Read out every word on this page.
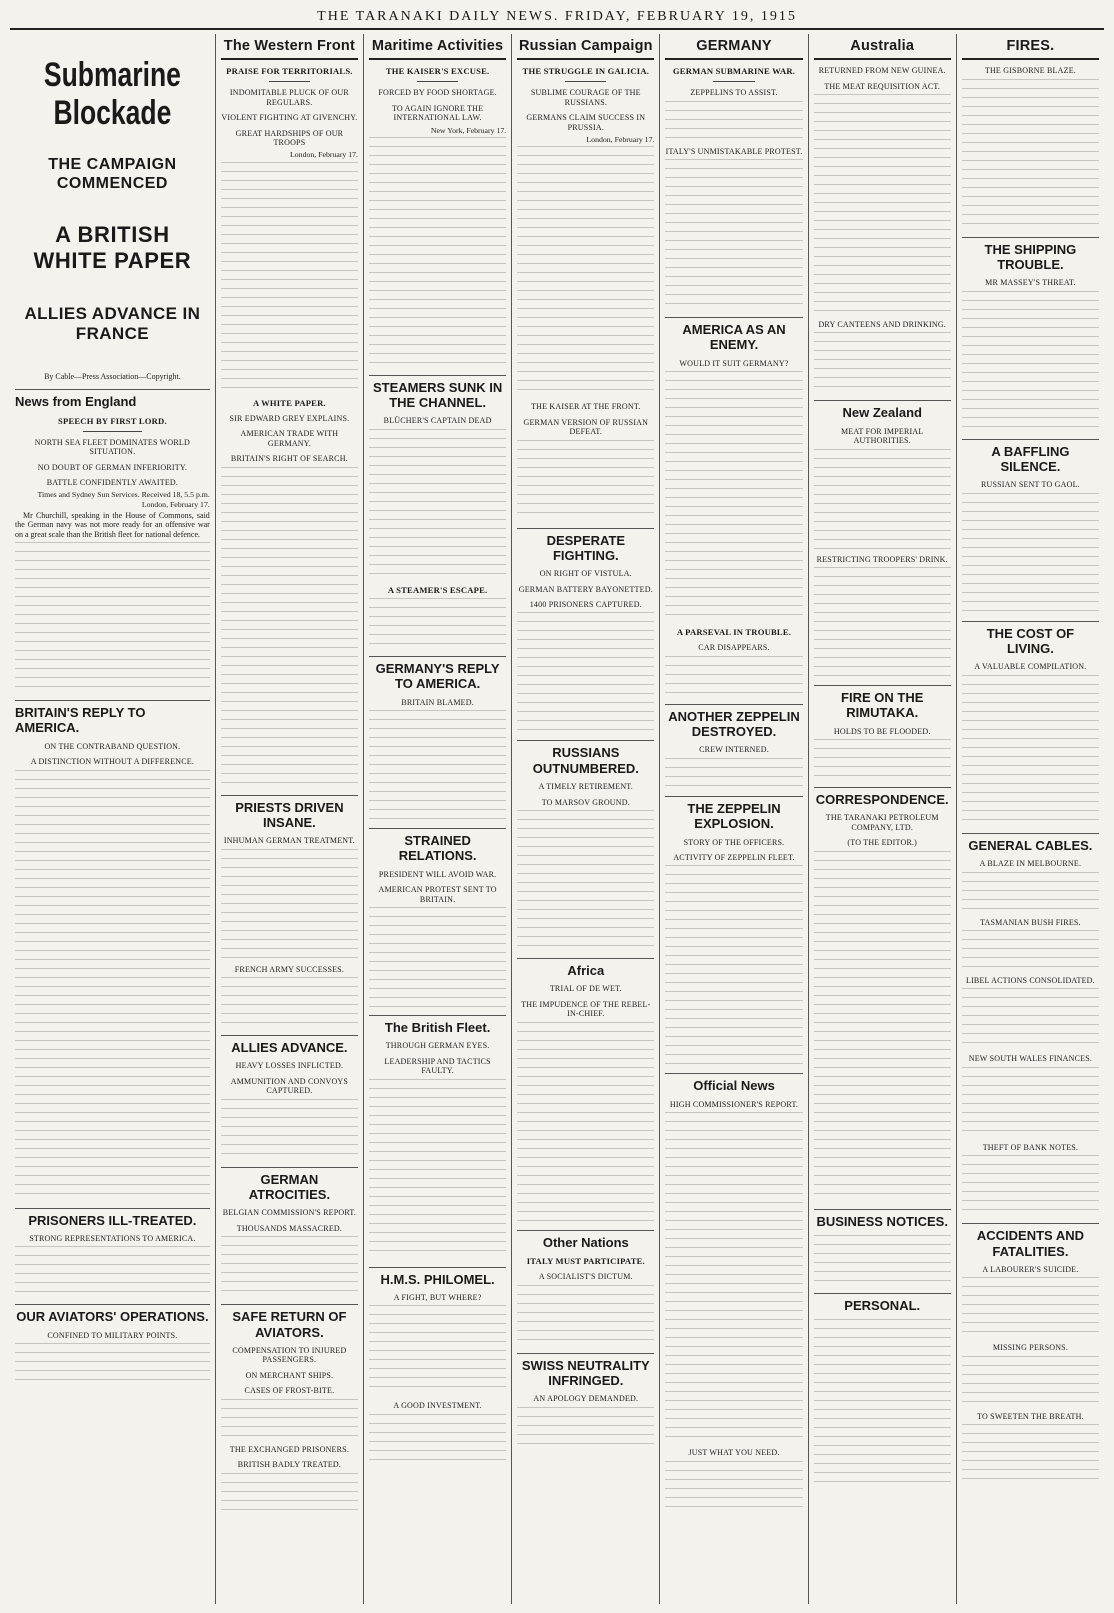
THE TARANAKI DAILY NEWS. FRIDAY, FEBRUARY 19, 1915
Submarine Blockade
THE CAMPAIGN COMMENCED
A BRITISH WHITE PAPER
ALLIES ADVANCE IN FRANCE
By Cable—Press Association—Copyright.
News from England
SPEECH BY FIRST LORD.
NORTH SEA FLEET DOMINATES WORLD SITUATION.
NO DOUBT OF GERMAN INFERIORITY.
BATTLE CONFIDENTLY AWAITED.
Times and Sydney Sun Services. Received 18, 5.5 p.m. London, February 17.

Mr Churchill, speaking in the House of Commons, said the German navy was not more ready for an offensive war on a great scale than the British fleet for national defence.

BRITAIN'S REPLY TO AMERICA.
ON THE CONTRABAND QUESTION.
A DISTINCTION WITHOUT A DIFFERENCE.
PRISONERS ILL-TREATED.
STRONG REPRESENTATIONS TO AMERICA.
OUR AVIATORS' OPERATIONS.
CONFINED TO MILITARY POINTS.
The Western Front
PRAISE FOR TERRITORIALS.
INDOMITABLE PLUCK OF OUR REGULARS.
VIOLENT FIGHTING AT GIVENCHY.
GREAT HARDSHIPS OF OUR TROOPS
London, February 17.
A WHITE PAPER.
SIR EDWARD GREY EXPLAINS.
AMERICAN TRADE WITH GERMANY.
BRITAIN'S RIGHT OF SEARCH.
PRIESTS DRIVEN INSANE.
INHUMAN GERMAN TREATMENT.
FRENCH ARMY SUCCESSES.
ALLIES ADVANCE.
HEAVY LOSSES INFLICTED.
AMMUNITION AND CONVOYS CAPTURED.
GERMAN ATROCITIES.
BELGIAN COMMISSION'S REPORT.
THOUSANDS MASSACRED.
SAFE RETURN OF AVIATORS.
COMPENSATION TO INJURED PASSENGERS.
ON MERCHANT SHIPS.
CASES OF FROST-BITE.
THE EXCHANGED PRISONERS.
BRITISH BADLY TREATED.
Maritime Activities
THE KAISER'S EXCUSE.
FORCED BY FOOD SHORTAGE.
TO AGAIN IGNORE THE INTERNATIONAL LAW.
New York, February 17.
STEAMERS SUNK IN THE CHANNEL.
BLÜCHER'S CAPTAIN DEAD
A STEAMER'S ESCAPE.
GERMANY'S REPLY TO AMERICA.
BRITAIN BLAMED.
STRAINED RELATIONS.
PRESIDENT WILL AVOID WAR.
AMERICAN PROTEST SENT TO BRITAIN.
The British Fleet.
THROUGH GERMAN EYES.
LEADERSHIP AND TACTICS FAULTY.
H.M.S. PHILOMEL.
A FIGHT, BUT WHERE?
A GOOD INVESTMENT.
Russian Campaign
THE STRUGGLE IN GALICIA.
SUBLIME COURAGE OF THE RUSSIANS.
GERMANS CLAIM SUCCESS IN PRUSSIA.
London, February 17.
THE KAISER AT THE FRONT.
GERMAN VERSION OF RUSSIAN DEFEAT.
DESPERATE FIGHTING.
ON RIGHT OF VISTULA.
GERMAN BATTERY BAYONETTED.
1400 PRISONERS CAPTURED.
RUSSIANS OUTNUMBERED.
A TIMELY RETIREMENT.
TO MARSOV GROUND.
Africa
TRIAL OF DE WET.
THE IMPUDENCE OF THE REBEL-IN-CHIEF.
Other Nations
ITALY MUST PARTICIPATE.
A SOCIALIST'S DICTUM.
SWISS NEUTRALITY INFRINGED.
AN APOLOGY DEMANDED.
GERMANY
GERMAN SUBMARINE WAR.
ZEPPELINS TO ASSIST.
ITALY'S UNMISTAKABLE PROTEST.
AMERICA AS AN ENEMY.
WOULD IT SUIT GERMANY?
A PARSEVAL IN TROUBLE.
CAR DISAPPEARS.
ANOTHER ZEPPELIN DESTROYED.
CREW INTERNED.
THE ZEPPELIN EXPLOSION.
STORY OF THE OFFICERS.
ACTIVITY OF ZEPPELIN FLEET.
Official News
HIGH COMMISSIONER'S REPORT.
JUST WHAT YOU NEED.
Australia
RETURNED FROM NEW GUINEA.
THE MEAT REQUISITION ACT.
DRY CANTEENS AND DRINKING.
New Zealand
MEAT FOR IMPERIAL AUTHORITIES.
RESTRICTING TROOPERS' DRINK.
FIRE ON THE RIMUTAKA.
HOLDS TO BE FLOODED.
CORRESPONDENCE.
THE TARANAKI PETROLEUM COMPANY, LTD.
(TO THE EDITOR.)
BUSINESS NOTICES.
PERSONAL.
FIRES.
THE GISBORNE BLAZE.
THE SHIPPING TROUBLE.
MR MASSEY'S THREAT.
A BAFFLING SILENCE.
RUSSIAN SENT TO GAOL.
THE COST OF LIVING.
A VALUABLE COMPILATION.
GENERAL CABLES.
A BLAZE IN MELBOURNE.
TASMANIAN BUSH FIRES.
LIBEL ACTIONS CONSOLIDATED.
NEW SOUTH WALES FINANCES.
THEFT OF BANK NOTES.
ACCIDENTS AND FATALITIES.
A LABOURER'S SUICIDE.
MISSING PERSONS.
TO SWEETEN THE BREATH.
